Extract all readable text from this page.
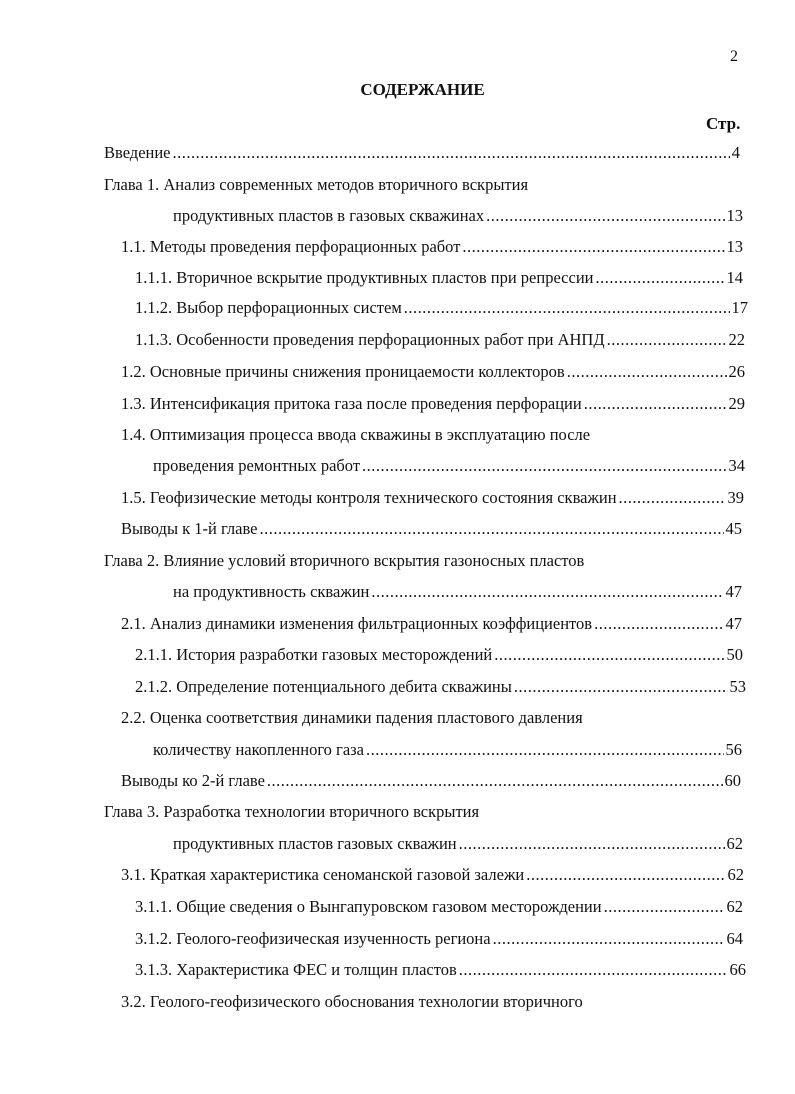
2
СОДЕРЖАНИЕ
Стр.
Введение .....	4
Глава 1. Анализ современных методов вторичного вскрытия
продуктивных пластов в газовых скважинах .....	13
1.1. Методы проведения перфорационных работ .....	13
1.1.1. Вторичное вскрытие продуктивных пластов при репрессии .....	14
1.1.2. Выбор перфорационных систем .....	17
1.1.3. Особенности проведения перфорационных работ при АНПД .....	22
1.2. Основные причины снижения проницаемости коллекторов .....	26
1.3. Интенсификация притока газа после проведения перфорации .....	29
1.4. Оптимизация процесса ввода скважины в эксплуатацию после
проведения ремонтных работ .....	34
1.5. Геофизические методы контроля технического состояния скважин .....	39
Выводы к 1-й главе .....	45
Глава 2. Влияние условий вторичного вскрытия газоносных пластов
на продуктивность скважин .....	47
2.1. Анализ динамики изменения фильтрационных коэффициентов .....	47
2.1.1. История разработки газовых месторождений .....	50
2.1.2. Определение потенциального дебита скважины .....	53
2.2. Оценка соответствия динамики падения пластового давления
количеству накопленного газа .....	56
Выводы ко 2-й главе .....	60
Глава 3. Разработка технологии вторичного вскрытия
продуктивных пластов газовых скважин .....	62
3.1. Краткая характеристика сеноманской газовой залежи .....	62
3.1.1. Общие сведения о Вынгапуровском газовом месторождении .....	62
3.1.2. Геолого-геофизическая изученность региона .....	64
3.1.3. Характеристика ФЕС и толщин пластов .....	66
3.2. Геолого-геофизического обоснования технологии вторичного
